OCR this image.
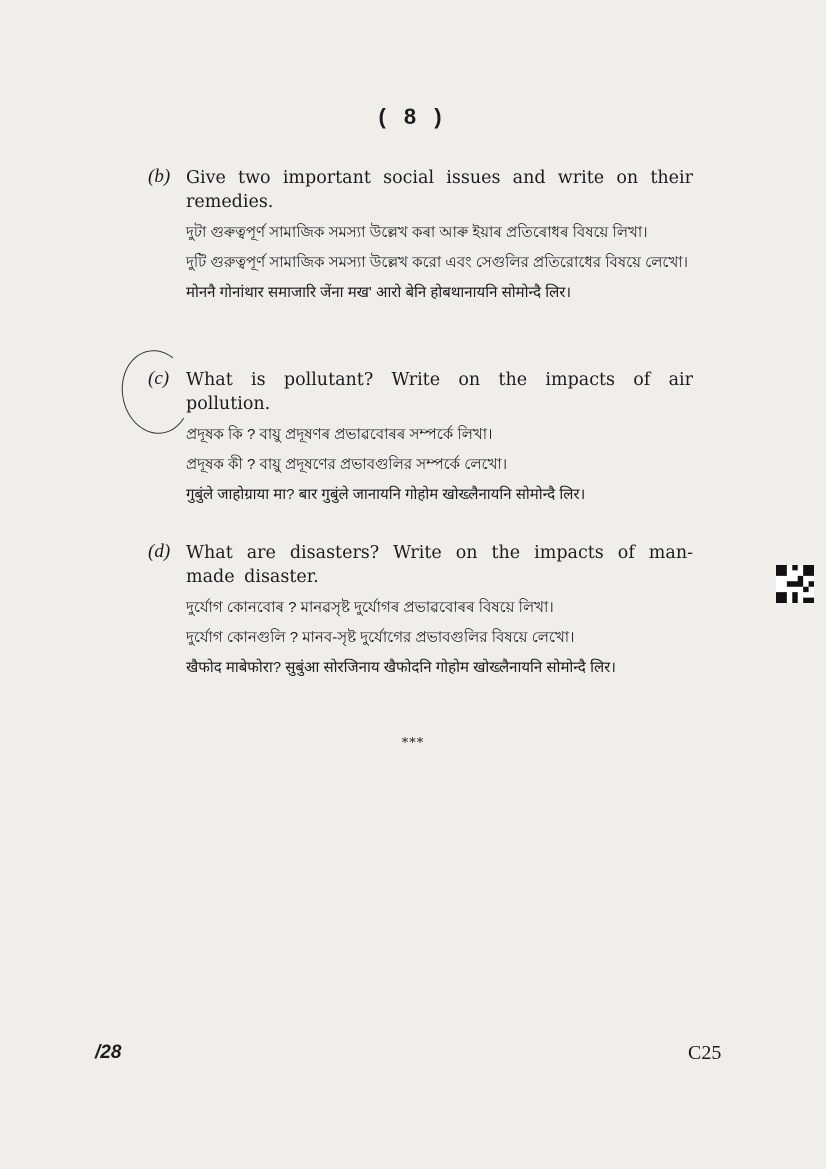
( 8 )
(b) Give two important social issues and write on their remedies.
দুটা গুৰুত্বপূৰ্ণ সামাজিক সমস্যা উল্লেখ কৰা আৰু ইয়াৰ প্ৰতিৰোধৰ বিষয়ে লিখা।
দুটি গুরুত্বপূর্ণ সামাজিক সমস্যা উল্লেখ করো এবং সেগুলির প্রতিরোধের বিষয়ে লেখো।
मोननै गोनांथार समाजारि जेंना मख' आरो बेनि होबथानायनि सोमोन्दै लिर।
(c) What is pollutant? Write on the impacts of air pollution.
প্ৰদূষক কি ? বায়ু প্ৰদূষণৰ প্ৰভাৱবোৰৰ সম্পৰ্কে লিখা।
প্রদূষক কী ? বায়ু প্রদূষণের প্রভাবগুলির সম্পর্কে লেখো।
गुबुंले जाहोग्राया मा? बार गुबुंले जानायनि गोहोम खोख्लैनायनि सोमोन्दै लिर।
(d) What are disasters? Write on the impacts of man-made disaster.
দুৰ্যোগ কোনবোৰ ? মানৱসৃষ্ট দুৰ্যোগৰ প্ৰভাৱবোৰৰ বিষয়ে লিখা।
দুর্যোগ কোনগুলি ? মানব-সৃষ্ট দুর্যোগের প্রভাবগুলির বিষয়ে লেখো।
खैफोद माबेफोरा? सुबुंआ सोरजिनाय खैफोदनि गोहोम खोख्लैनायनि सोमोन्दै लिर।
***
/28	C25
